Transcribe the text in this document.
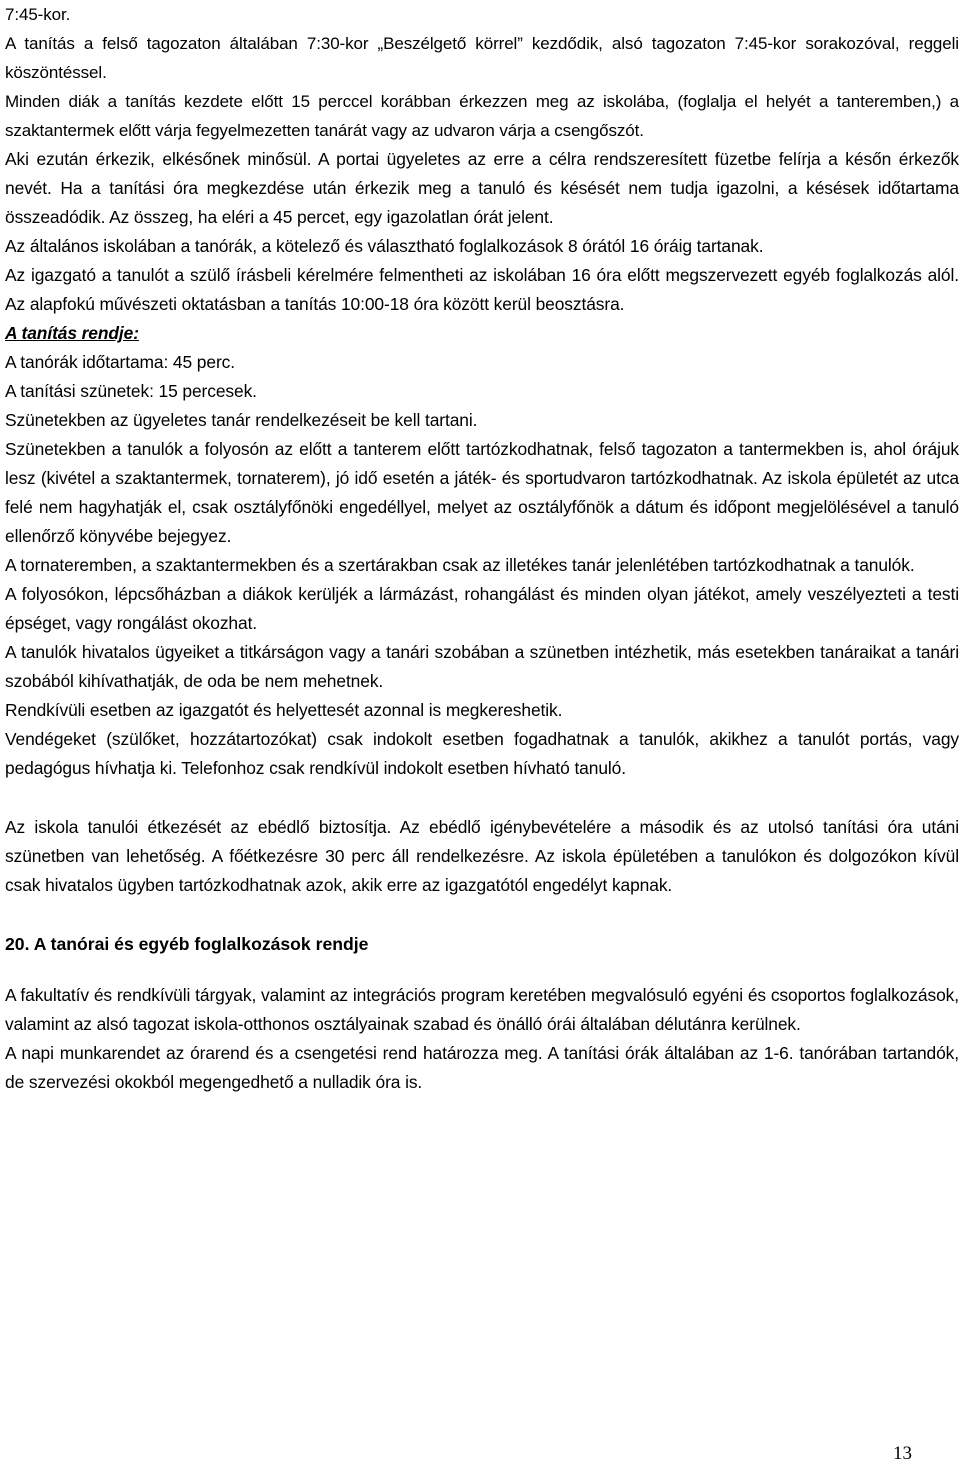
7:45-kor.

A tanítás a felső tagozaton általában 7:30-kor „Beszélgető körrel” kezdődik, alsó tagozaton 7:45-kor sorakozóval, reggeli köszöntéssel.

Minden diák a tanítás kezdete előtt 15 perccel korábban érkezzen meg az iskolába, (foglalja el helyét a tanteremben,) a szaktantermek előtt várja fegyelmezetten tanárát vagy az udvaron várja a csengőszót.

Aki ezután érkezik, elkésőnek minősül. A portai ügyeletes az erre a célra rendszeresített füzetbe felírja a későn érkezők nevét. Ha a tanítási óra megkezdése után érkezik meg a tanuló és késését nem tudja igazolni, a késések időtartama összeadódik. Az összeg, ha eléri a 45 percet, egy igazolatlan órát jelent.

Az általános iskolában a tanórák, a kötelező és választható foglalkozások 8 órától 16 óráig tartanak.

Az igazgató a tanulót a szülő írásbeli kérelmére felmentheti az iskolában 16 óra előtt megszervezett egyéb foglalkozás alól. Az alapfokú művészeti oktatásban a tanítás 10:00-18 óra között kerül beosztásra.

A tanítás rendje:

A tanórák időtartama: 45 perc.

A tanítási szünetek: 15 percesek.

Szünetekben az ügyeletes tanár rendelkezéseit be kell tartani.

Szünetekben a tanulók a folyosón az előtt a tanterem előtt tartózkodhatnak, felső tagozaton a tantermekben is, ahol órájuk lesz (kivétel a szaktantermek, tornaterem), jó idő esetén a játék- és sportudvaron tartózkodhatnak. Az iskola épületét az utca felé nem hagyhatják el, csak osztályfőnöki engedéllyel, melyet az osztályfőnök a dátum és időpont megjelölésével a tanuló ellenőrző könyvébe bejegyez.

A tornateremben, a szaktantermekben és a szertárakban csak az illetékes tanár jelenlétében tartózkodhatnak a tanulók.

A folyosókon, lépcsőházban a diákok kerüljék a lármázást, rohangálást és minden olyan játékot, amely veszélyezteti a testi épséget, vagy rongálást okozhat.

A tanulók hivatalos ügyeiket a titkárságon vagy a tanári szobában a szünetben intézhetik, más esetekben tanáraikat a tanári szobából kihívathatják, de oda be nem mehetnek.

Rendkívüli esetben az igazgatót és helyettesét azonnal is megkereshetik.

Vendégeket (szülőket, hozzátartozókat) csak indokolt esetben fogadhatnak a tanulók, akikhez a tanulót portás, vagy pedagógus hívhatja ki. Telefonhoz csak rendkívül indokolt esetben hívható tanuló.

Az iskola tanulói étkezését az ebédlő biztosítja. Az ebédlő igénybevételére a második és az utolsó tanítási óra utáni szünetben van lehetőség. A főétkezésre 30 perc áll rendelkezésre. Az iskola épületében a tanulókon és dolgozókon kívül csak hivatalos ügyben tartózkodhatnak azok, akik erre az igazgatótól engedélyt kapnak.

20. A tanórai és egyéb foglalkozások rendje

A fakultatív és rendkívüli tárgyak, valamint az integrációs program keretében megvalósuló egyéni és csoportos foglalkozások, valamint az alsó tagozat iskola-otthonos osztályainak szabad és önálló órái általában délutánra kerülnek.

A napi munkarendet az órarend és a csengetési rend határozza meg. A tanítási órák általában az 1-6. tanórában tartandók, de szervezési okokból megengedhető a nulladik óra is.

13
